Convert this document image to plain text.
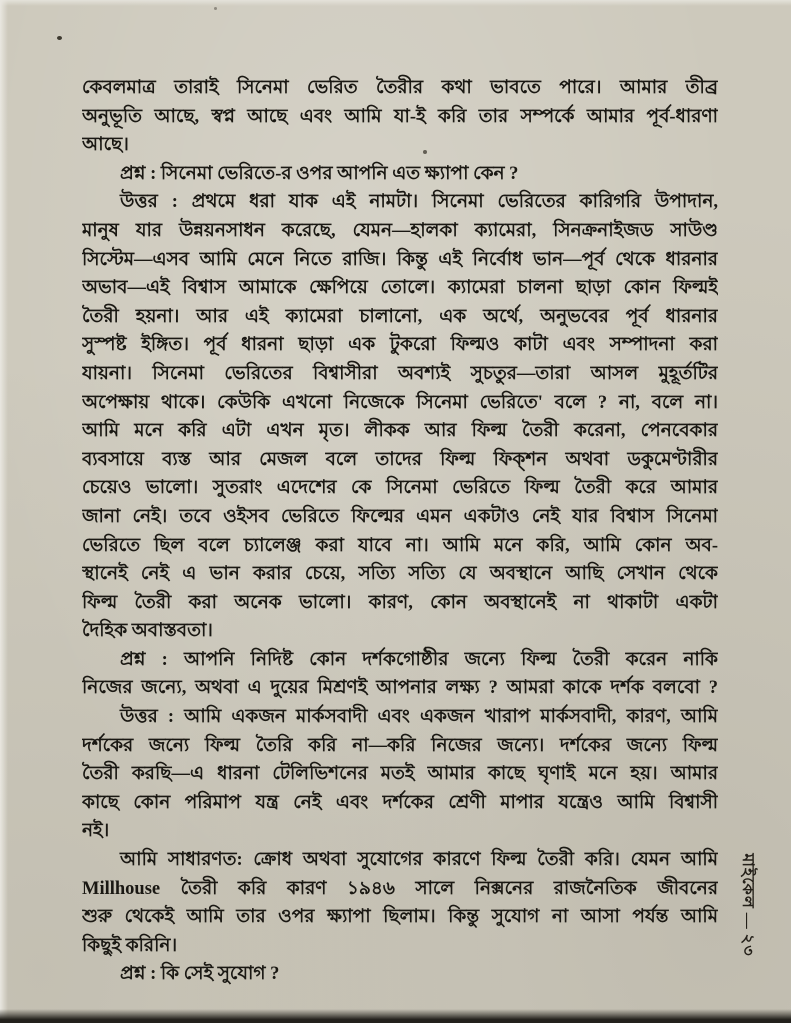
কেবলমাত্র তারাই সিনেমা ভেরিত তৈরীর কথা ভাবতে পারে। আমার তীব্র
অনুভূতি আছে, স্বপ্ন আছে এবং আমি যা-ই করি তার সম্পর্কে আমার পূর্ব-ধারণা
আছে।
প্রশ্ন : সিনেমা ভেরিতে-র ওপর আপনি এত ক্ষ্যাপা কেন ?
উত্তর : প্রথমে ধরা যাক এই নামটা। সিনেমা ভেরিতের কারিগরি উপাদান,
মানুষ যার উন্নয়নসাধন করেছে, যেমন—হালকা ক্যামেরা, সিনক্রনাইজড সাউণ্ড
সিস্টেম—এসব আমি মেনে নিতে রাজি। কিন্তু এই নির্বোধ ভান—পূর্ব থেকে ধারনার
অভাব—এই বিশ্বাস আমাকে ক্ষেপিয়ে তোলে। ক্যামেরা চালনা ছাড়া কোন ফিল্মই
তৈরী হয়না। আর এই ক্যামেরা চালানো, এক অর্থে, অনুভবের পূর্ব ধারনার
সুস্পষ্ট ইঙ্গিত। পূর্ব ধারনা ছাড়া এক টুকরো ফিল্মও কাটা এবং সম্পাদনা করা
যায়না। সিনেমা ভেরিতের বিশ্বাসীরা অবশ্যই সুচতুর—তারা আসল মুহূর্তটির
অপেক্ষায় থাকে। কেউকি এখনো নিজেকে সিনেমা ভেরিতে' বলে ? না, বলে না।
আমি মনে করি এটা এখন মৃত। লীকক আর ফিল্ম তৈরী করেনা, পেনবেকার
ব্যবসায়ে ব্যস্ত আর মেজল বলে তাদের ফিল্ম ফিক্শন অথবা ডকুমেণ্টারীর
চেয়েও ভালো। সুতরাং এদেশের কে সিনেমা ভেরিতে ফিল্ম তৈরী করে আমার
জানা নেই। তবে ওইসব ভেরিতে ফিল্মের এমন একটাও নেই যার বিশ্বাস সিনেমা
ভেরিতে ছিল বলে চ্যালেঞ্জ করা যাবে না। আমি মনে করি, আমি কোন অব-
স্থানেই নেই এ ভান করার চেয়ে, সত্যি সত্যি যে অবস্থানে আছি সেখান থেকে
ফিল্ম তৈরী করা অনেক ভালো। কারণ, কোন অবস্থানেই না থাকাটা একটা
দৈহিক অবাস্তবতা।
প্রশ্ন : আপনি নিদিষ্ট কোন দর্শকগোষ্ঠীর জন্যে ফিল্ম তৈরী করেন নাকি
নিজের জন্যে, অথবা এ দুয়ের মিশ্রণই আপনার লক্ষ্য ? আমরা কাকে দর্শক বলবো ?
উত্তর : আমি একজন মার্কসবাদী এবং একজন খারাপ মার্কসবাদী, কারণ, আমি
দর্শকের জন্যে ফিল্ম তৈরি করি না—করি নিজের জন্যে। দর্শকের জন্যে ফিল্ম
তৈরী করছি—এ ধারনা টেলিভিশনের মতই আমার কাছে ঘৃণাই মনে হয়। আমার
কাছে কোন পরিমাপ যন্ত্র নেই এবং দর্শকের শ্রেণী মাপার যন্ত্রেও আমি বিশ্বাসী
নই।
আমি সাধারণত: ক্রোধ অথবা সুযোগের কারণে ফিল্ম তৈরী করি। যেমন আমি
Millhouse তৈরী করি কারণ ১৯৪৬ সালে নিক্সনের রাজনৈতিক জীবনের
শুরু থেকেই আমি তার ওপর ক্ষ্যাপা ছিলাম। কিন্তু সুযোগ না আসা পর্যন্ত আমি
কিছুই করিনি।
প্রশ্ন : কি সেই সুযোগ ?
মাইকেল—২৩
